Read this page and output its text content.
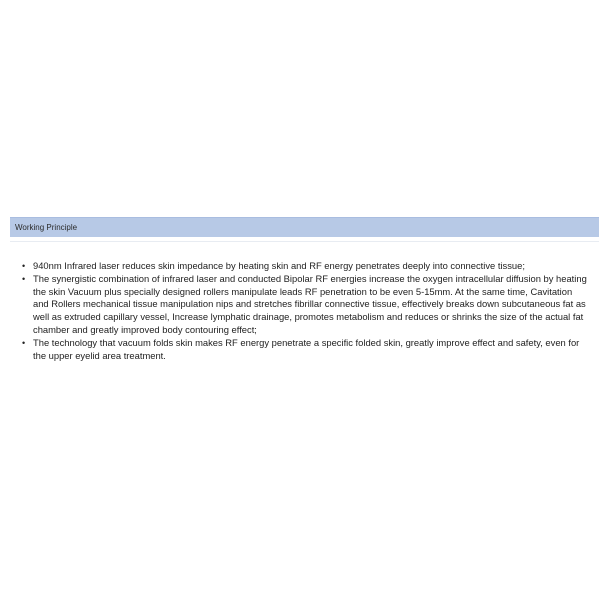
Working Principle
• 940nm Infrared laser reduces skin impedance by heating skin and RF energy penetrates deeply into connective tissue;
• The synergistic combination of infrared laser and conducted Bipolar RF energies increase the oxygen intracellular diffusion by heating the skin Vacuum plus specially designed rollers manipulate leads RF penetration to be even 5-15mm. At the same time, Cavitation and Rollers mechanical tissue manipulation nips and stretches fibrillar connective tissue, effectively breaks down subcutaneous fat as well as extruded capillary vessel, Increase lymphatic drainage, promotes metabolism and reduces or shrinks the size of the actual fat chamber and greatly improved body contouring effect;
• The technology that vacuum folds skin makes RF energy penetrate a specific folded skin, greatly improve effect and safety, even for the upper eyelid area treatment.
